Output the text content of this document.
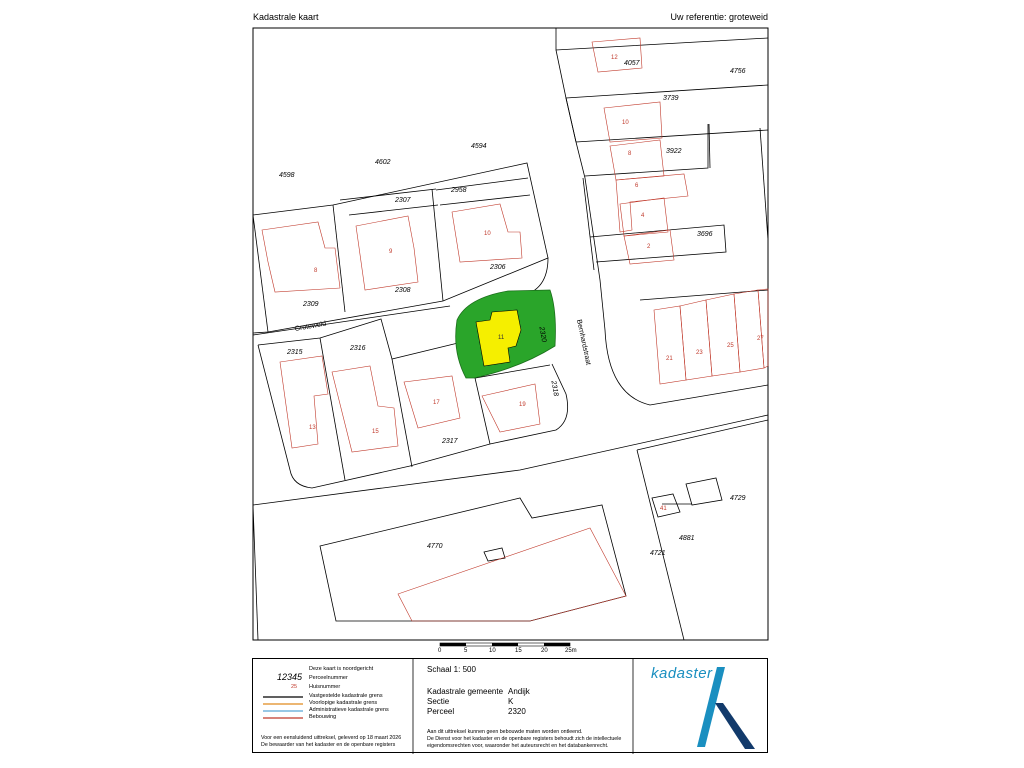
Kadastrale kaart	Uw referentie: groteweid
4756
4057
3739
3922
3696
4598
4602
4594
2307
2958
2306
2308
2309
2315
2316
2320
2318
2317
4770
4729
4881
4721
12
10
8
6
4
2
8
9
10
11
13
15
17	19
21
23
25
27
41
Groteweid	Bernhardstraat
0	5	10	15	20	25m
Deze kaart is noordgericht
12345 Perceelnummer
25 Huisnummer
Vastgestelde kadastrale grens
Voorlopige kadastrale grens
Administratieve kadastrale grens
Bebouwing
Voor een eensluidend uittreksel, geleverd op 18 maart 2026
De bewaarder van het kadaster en de openbare registers
Schaal 1: 500
Kadastrale gemeente Andijk
Sectie	K
Perceel	2320
Aan dit uittreksel kunnen geen bebouwde maten worden ontleend.
De Dienst voor het kadaster en de openbare registers behoudt zich de intellectuele
eigendomsrechten voor, waaronder het auteursrecht en het databankenrecht.
kadaster
